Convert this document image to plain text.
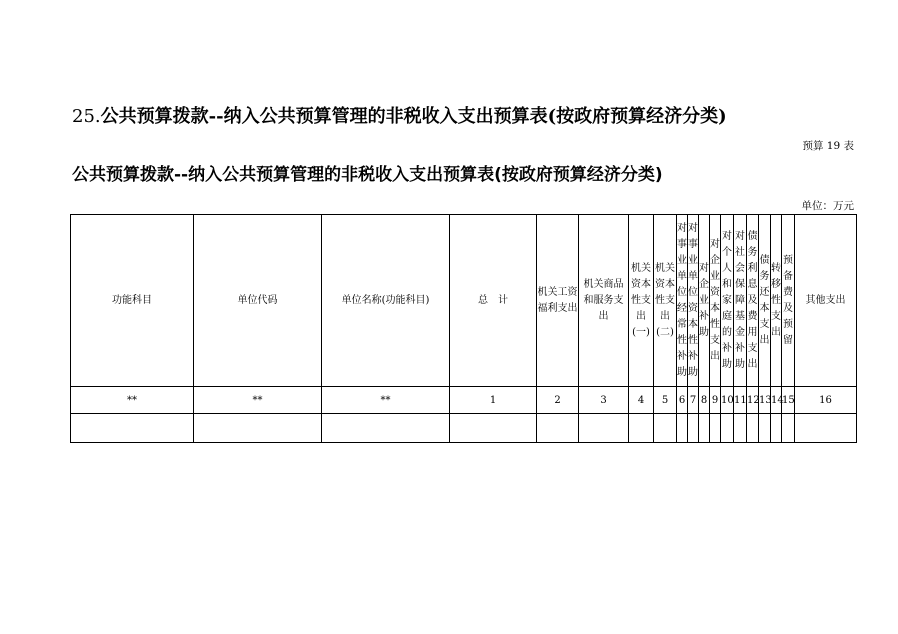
25.公共预算拨款--纳入公共预算管理的非税收入支出预算表(按政府预算经济分类)
预算 19 表
公共预算拨款--纳入公共预算管理的非税收入支出预算表(按政府预算经济分类)
单位：万元
功能科目	单位代码	单位名称(功能科目)	总　计	机关工资福利支出	机关商品和服务支出	机关资本性支出(一)	机关资本性支出(二)	对事业单位经常性补助	对事业单位资本性补助	对企业补助	对企业资本性支出	对个人和家庭的补助	对社会保障基金补助	债务利息及费用支出	债务还本支出	转移性支出	预备费及预留	其他支出
**	**	**	1	2	3	4	5	6	7	8	9	10	11	12	13	14	15	16
